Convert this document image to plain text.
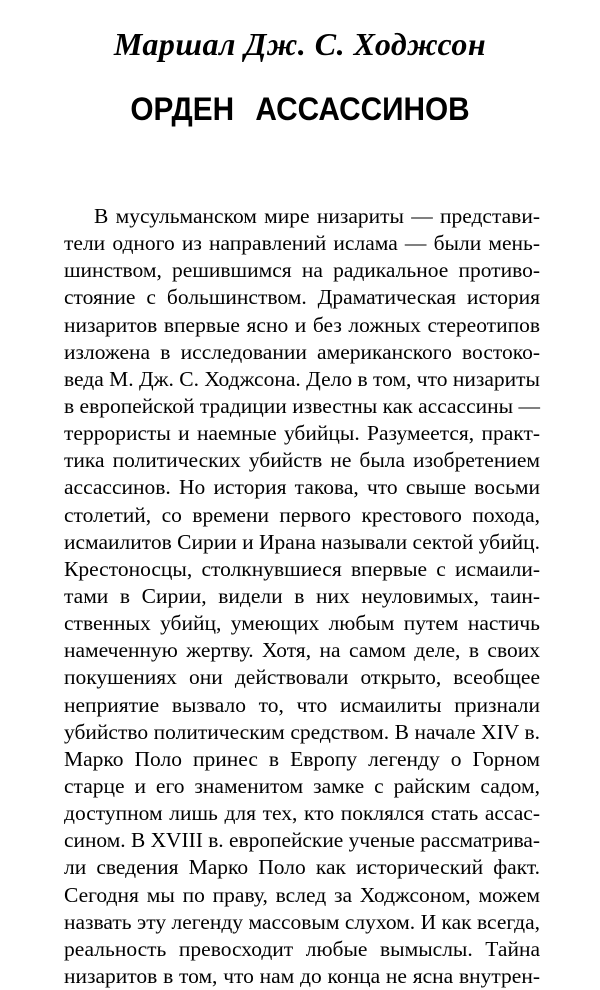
Маршал Дж. С. Ходжсон
ОРДЕН АССАССИНОВ
В мусульманском мире низариты — представи-
тели одного из направлений ислама — были мень-
шинством, решившимся на радикальное противо-
стояние с большинством. Драматическая история
низаритов впервые ясно и без ложных стереотипов
изложена в исследовании американского востоко-
веда М. Дж. С. Ходжсона. Дело в том, что низариты
в европейской традиции известны как ассассины —
террористы и наемные убийцы. Разумеется, практ-
тика политических убийств не была изобретением
ассассинов. Но история такова, что свыше восьми
столетий, со времени первого крестового похода,
исмаилитов Сирии и Ирана называли сектой убийц.
Крестоносцы, столкнувшиеся впервые с исмаили-
тами в Сирии, видели в них неуловимых, таин-
ственных убийц, умеющих любым путем настичь
намеченную жертву. Хотя, на самом деле, в своих
покушениях они действовали открыто, всеобщее
неприятие вызвало то, что исмаилиты признали
убийство политическим средством. В начале XIV в.
Марко Поло принес в Европу легенду о Горном
старце и его знаменитом замке с райским садом,
доступном лишь для тех, кто поклялся стать ассас-
сином. В XVIII в. европейские ученые рассматрива-
ли сведения Марко Поло как исторический факт.
Сегодня мы по праву, вслед за Ходжсоном, можем
назвать эту легенду массовым слухом. И как всегда,
реальность превосходит любые вымыслы. Тайна
низаритов в том, что нам до конца не ясна внутрен-
